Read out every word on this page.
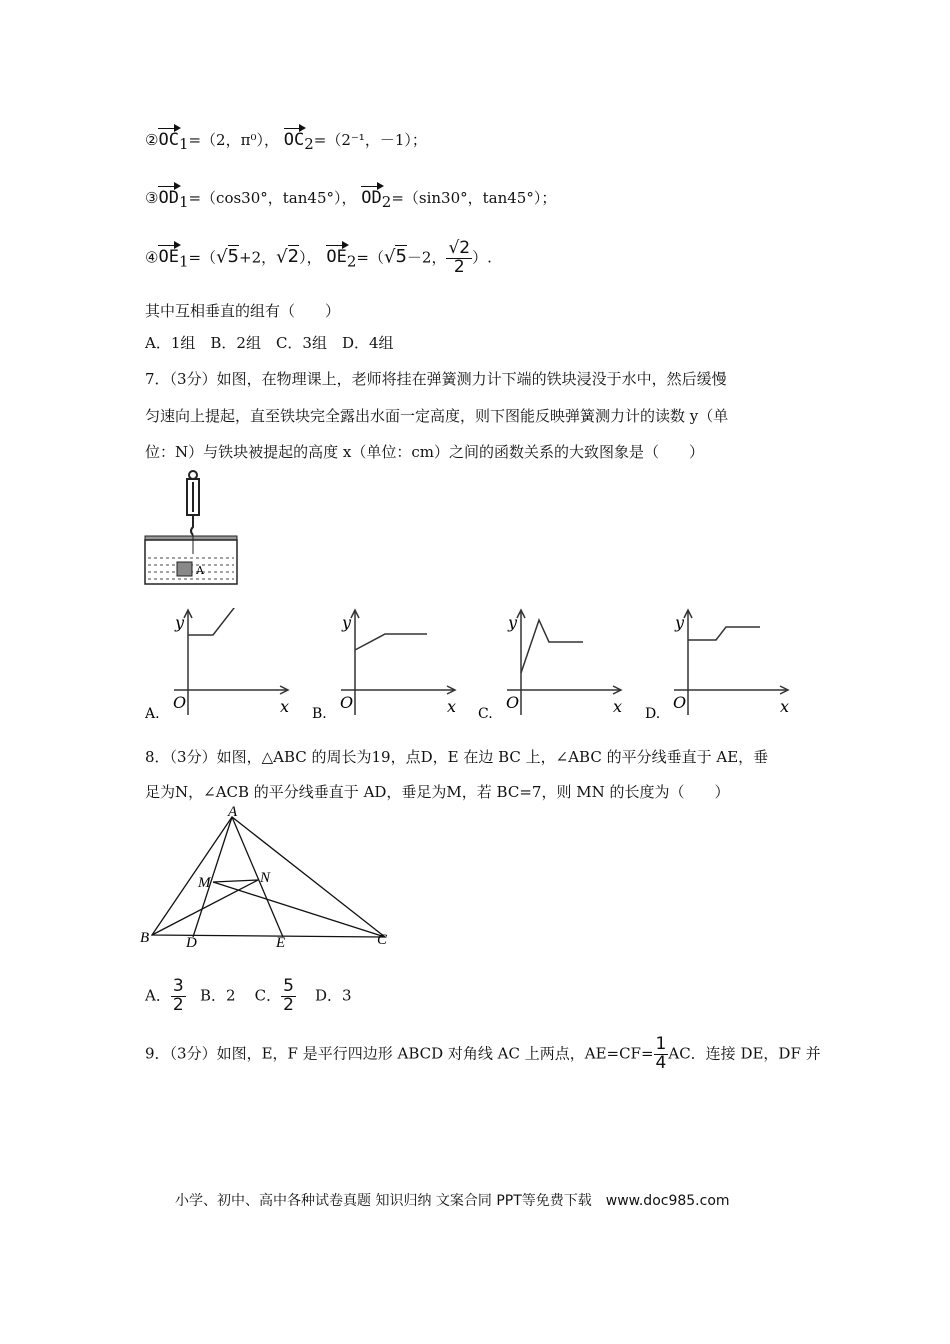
$②OC_1=(2$，π⁰）， $OC_2=(2^{-1}$，－1）；
$③OD_1=(\cos 30^\circ$，tan45°）， $OD_2=(\sin 30^\circ$，tan45°）；
$④OE_1=(√5+2$，√2）， $OE_2=(√5-2$， $\frac{√2}{2}$ ）.
其中互相垂直的组有（　　）
A．1组　B．2组　C．3组　D．4组
7．（3分）如图，在物理课上，老师将挂在弹簧测力计下端的铁块浸没于水中，然后缓慢
匀速向上提起，直至铁块完全露出水面一定高度，则下图能反映弹簧测力计的读数 y（单
位：N）与铁块被提起的高度 x（单位：cm）之间的函数关系的大致图象是（　　）
A
8．（3分）如图，△ABC 的周长为19，点D，E 在边 BC 上，∠ABC 的平分线垂直于 AE，垂
足为N，∠ACB 的平分线垂直于 AD，垂足为M，若 BC=7，则 MN 的长度为（　　）
A
B	C
D	E
M	N
A． $\frac{3}{2}$ B．2 C． $\frac{5}{2}$ D．3
9．（3分）如图，E，F 是平行四边形 ABCD 对角线 AC 上两点，$AE=CF= \frac{1}{4}$ AC．连接 DE，DF 并
小学、初中、高中各种试卷真题 知识归纳 文案合同 PPT等免费下载　www.doc985.com
y
x
O
A.
y
x
O
B.
y
x
O
C.
y
x
O
D.
